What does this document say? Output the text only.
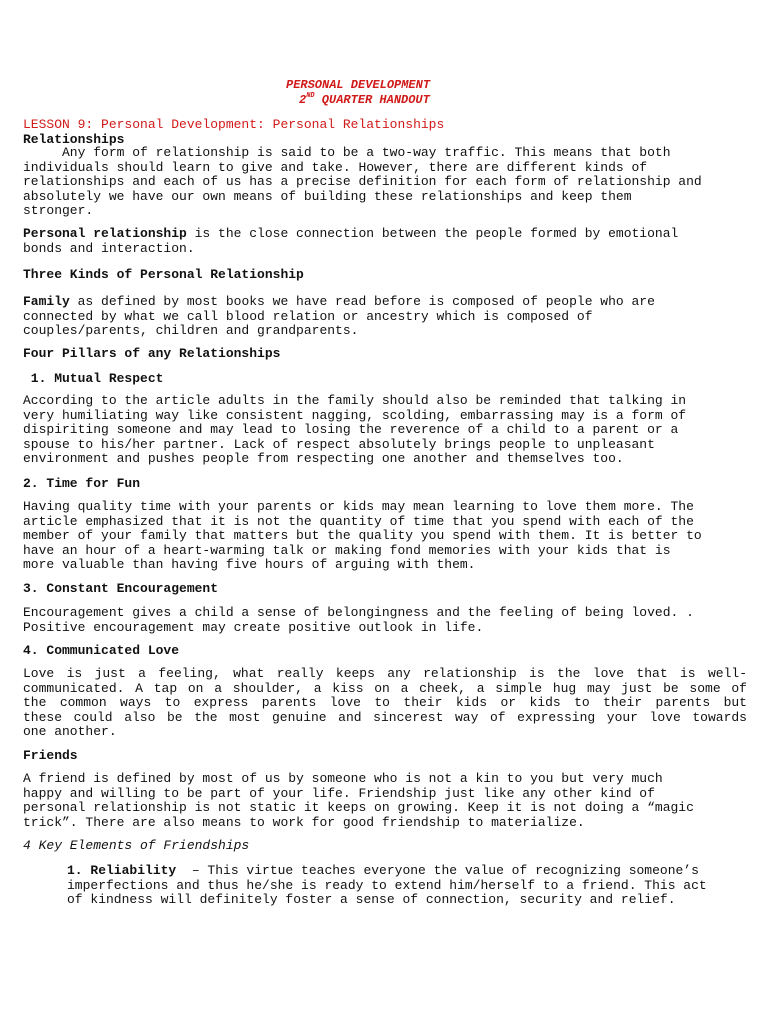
PERSONAL DEVELOPMENT
2ND QUARTER HANDOUT
LESSON 9: Personal Development: Personal Relationships
Relationships
Any form of relationship is said to be a two-way traffic. This means that both
individuals should learn to give and take. However, there are different kinds of
relationships and each of us has a precise definition for each form of relationship and
absolutely we have our own means of building these relationships and keep them
stronger.
Personal relationship is the close connection between the people formed by emotional
bonds and interaction.
Three Kinds of Personal Relationship
Family as defined by most books we have read before is composed of people who are
connected by what we call blood relation or ancestry which is composed of
couples/parents, children and grandparents.
Four Pillars of any Relationships
1. Mutual Respect
According to the article adults in the family should also be reminded that talking in
very humiliating way like consistent nagging, scolding, embarrassing may is a form of
dispiriting someone and may lead to losing the reverence of a child to a parent or a
spouse to his/her partner. Lack of respect absolutely brings people to unpleasant
environment and pushes people from respecting one another and themselves too.
2. Time for Fun
Having quality time with your parents or kids may mean learning to love them more. The
article emphasized that it is not the quantity of time that you spend with each of the
member of your family that matters but the quality you spend with them. It is better to
have an hour of a heart-warming talk or making fond memories with your kids that is
more valuable than having five hours of arguing with them.
3. Constant Encouragement
Encouragement gives a child a sense of belongingness and the feeling of being loved. .
Positive encouragement may create positive outlook in life.
4. Communicated Love
Love is just a feeling, what really keeps any relationship is the love that is well-
communicated. A tap on a shoulder, a kiss on a cheek, a simple hug may just be some of
the common ways to express parents love to their kids or kids to their parents but
these could also be the most genuine and sincerest way of expressing your love towards
one another.
Friends
A friend is defined by most of us by someone who is not a kin to you but very much
happy and willing to be part of your life. Friendship just like any other kind of
personal relationship is not static it keeps on growing. Keep it is not doing a “magic
trick”. There are also means to work for good friendship to materialize.
4 Key Elements of Friendships
1. Reliability  – This virtue teaches everyone the value of recognizing someone’s
imperfections and thus he/she is ready to extend him/herself to a friend. This act
of kindness will definitely foster a sense of connection, security and relief.
